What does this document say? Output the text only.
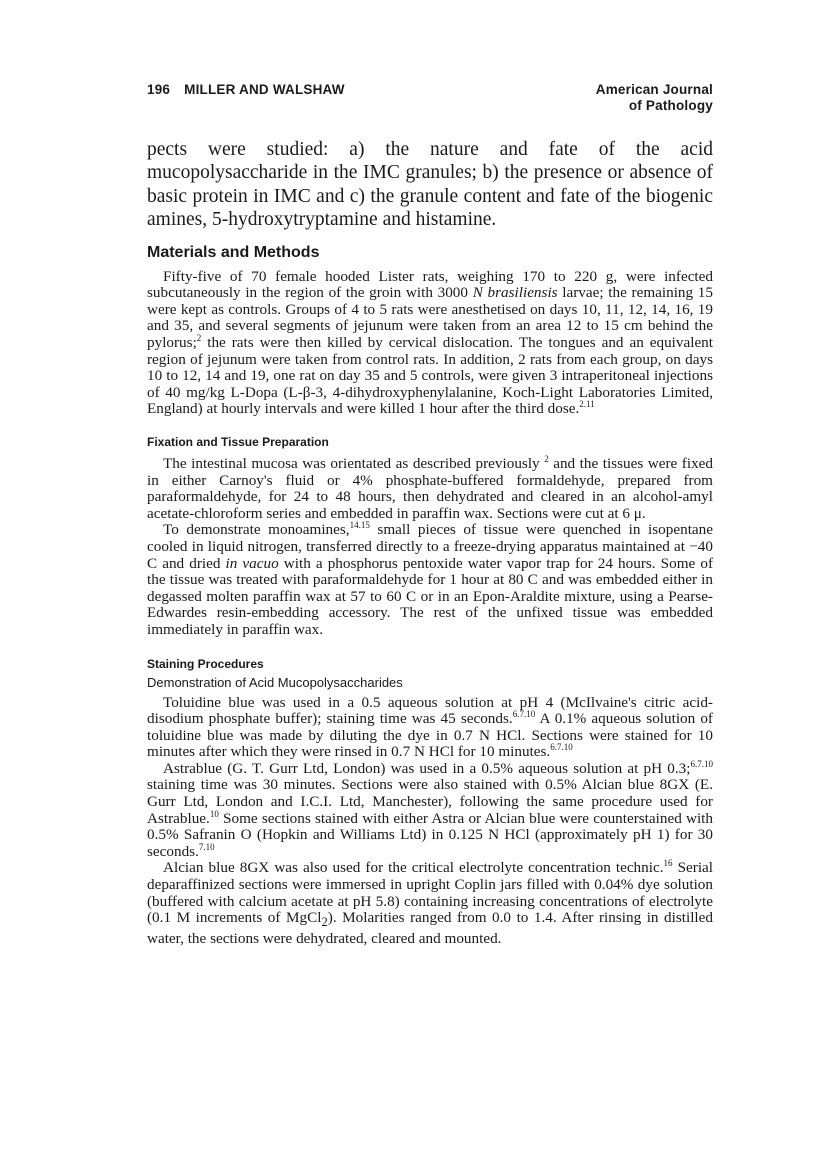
196 MILLER AND WALSHAW	American Journal
of Pathology

pects were studied: a) the nature and fate of the acid mucopolysaccharide in the IMC granules; b) the presence or absence of basic protein in IMC and c) the granule content and fate of the biogenic amines, 5-hydroxytryptamine and histamine.

Materials and Methods

Fifty-five of 70 female hooded Lister rats, weighing 170 to 220 g, were infected subcutaneously in the region of the groin with 3000 N brasiliensis larvae; the remaining 15 were kept as controls. Groups of 4 to 5 rats were anesthetised on days 10, 11, 12, 14, 16, 19 and 35, and several segments of jejunum were taken from an area 12 to 15 cm behind the pylorus;$^2$ the rats were then killed by cervical dislocation. The tongues and an equivalent region of jejunum were taken from control rats. In addition, 2 rats from each group, on days 10 to 12, 14 and 19, one rat on day 35 and 5 controls, were given 3 intraperitoneal injections of 40 mg/kg L-Dopa (L-β-3, 4-dihydroxyphenylalanine, Koch-Light Laboratories Limited, England) at hourly intervals and were killed 1 hour after the third dose.$^{2.11}$

Fixation and Tissue Preparation

The intestinal mucosa was orientated as described previously $^2$ and the tissues were fixed in either Carnoy's fluid or 4% phosphate-buffered formaldehyde, prepared from paraformaldehyde, for 24 to 48 hours, then dehydrated and cleared in an alcohol-amyl acetate-chloroform series and embedded in paraffin wax. Sections were cut at 6 μ.

To demonstrate monoamines,$^{14.15}$ small pieces of tissue were quenched in isopentane cooled in liquid nitrogen, transferred directly to a freeze-drying apparatus maintained at −40 C and dried in vacuo with a phosphorus pentoxide water vapor trap for 24 hours. Some of the tissue was treated with paraformaldehyde for 1 hour at 80 C and was embedded either in degassed molten paraffin wax at 57 to 60 C or in an Epon-Araldite mixture, using a Pearse-Edwardes resin-embedding accessory. The rest of the unfixed tissue was embedded immediately in paraffin wax.

Staining Procedures
Demonstration of Acid Mucopolysaccharides

Toluidine blue was used in a 0.5 aqueous solution at pH 4 (McIlvaine's citric acid-disodium phosphate buffer); staining time was 45 seconds.$^{6.7.10}$ A 0.1% aqueous solution of toluidine blue was made by diluting the dye in 0.7 N HCl. Sections were stained for 10 minutes after which they were rinsed in 0.7 N HCl for 10 minutes.$^{6.7.10}$

Astrablue (G. T. Gurr Ltd, London) was used in a 0.5% aqueous solution at pH 0.3;$^{6.7.10}$ staining time was 30 minutes. Sections were also stained with 0.5% Alcian blue 8GX (E. Gurr Ltd, London and I.C.I. Ltd, Manchester), following the same procedure used for Astrablue.$^{10}$ Some sections stained with either Astra or Alcian blue were counterstained with 0.5% Safranin O (Hopkin and Williams Ltd) in 0.125 N HCl (approximately pH 1) for 30 seconds.$^{7.10}$

Alcian blue 8GX was also used for the critical electrolyte concentration technic.$^{16}$ Serial deparaffinized sections were immersed in upright Coplin jars filled with 0.04% dye solution (buffered with calcium acetate at pH 5.8) containing increasing concentrations of electrolyte (0.1 M increments of MgCl$_2$). Molarities ranged from 0.0 to 1.4. After rinsing in distilled water, the sections were dehydrated, cleared and mounted.
